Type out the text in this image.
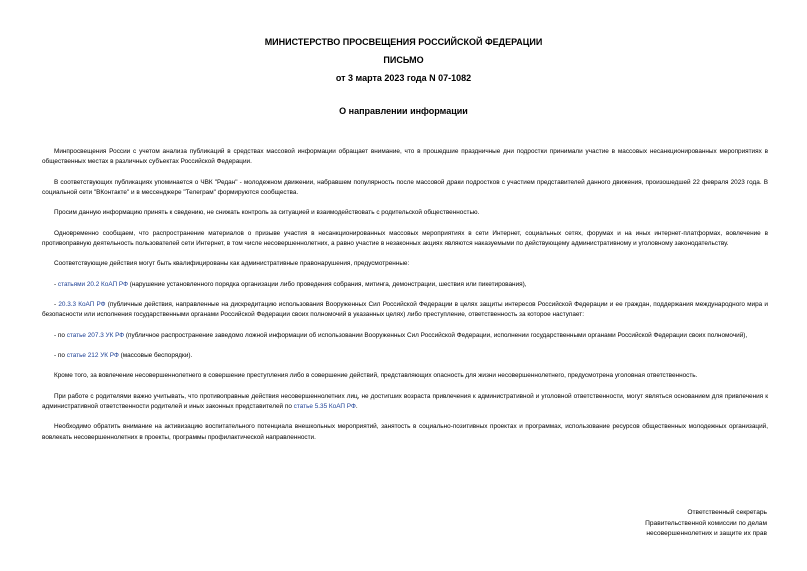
МИНИСТЕРСТВО ПРОСВЕЩЕНИЯ РОССИЙСКОЙ ФЕДЕРАЦИИ
ПИСЬМО
от 3 марта 2023 года N 07-1082
О направлении информации

Минпросвещения России с учетом анализа публикаций в средствах массовой информации обращает внимание, что в прошедшие праздничные дни подростки принимали участие в массовых несанкционированных мероприятиях в общественных местах в различных субъектах Российской Федерации.

В соответствующих публикациях упоминается о ЧВК "Редан" - молодежном движении, набравшем популярность после массовой драки подростков с участием представителей данного движения, произошедшей 22 февраля 2023 года. В социальной сети "ВКонтакте" и в мессенджере "Телеграм" формируются сообщества.

Просим данную информацию принять к сведению, не снижать контроль за ситуацией и взаимодействовать с родительской общественностью.

Одновременно сообщаем, что распространение материалов о призыве участия в несанкционированных массовых мероприятиях в сети Интернет, социальных сетях, форумах и на иных интернет-платформах, вовлечение в противоправную деятельность пользователей сети Интернет, в том числе несовершеннолетних, а равно участие в незаконных акциях являются наказуемыми по действующему административному и уголовному законодательству.

Соответствующие действия могут быть квалифицированы как административные правонарушения, предусмотренные:

- статьями 20.2 КоАП РФ (нарушение установленного порядка организации либо проведения собрания, митинга, демонстрации, шествия или пикетирования),

- 20.3.3 КоАП РФ (публичные действия, направленные на дискредитацию использования Вооруженных Сил Российской Федерации в целях защиты интересов Российской Федерации и ее граждан, поддержания международного мира и безопасности или исполнения государственными органами Российской Федерации своих полномочий в указанных целях) либо преступление, ответственность за которое наступает:

- по статье 207.3 УК РФ (публичное распространение заведомо ложной информации об использовании Вооруженных Сил Российской Федерации, исполнении государственными органами Российской Федерации своих полномочий),

- по статье 212 УК РФ (массовые беспорядки).

Кроме того, за вовлечение несовершеннолетнего в совершение преступления либо в совершение действий, представляющих опасность для жизни несовершеннолетнего, предусмотрена уголовная ответственность.

При работе с родителями важно учитывать, что противоправные действия несовершеннолетних лиц, не достигших возраста привлечения к административной и уголовной ответственности, могут являться основанием для привлечения к административной ответственности родителей и иных законных представителей по статье 5.35 КоАП РФ.

Необходимо обратить внимание на активизацию воспитательного потенциала внешкольных мероприятий, занятость в социально-позитивных проектах и программах, использование ресурсов общественных молодежных организаций, вовлекать несовершеннолетних в проекты, программы профилактической направленности.

Ответственный секретарь
Правительственной комиссии по делам
несовершеннолетних и защите их прав
